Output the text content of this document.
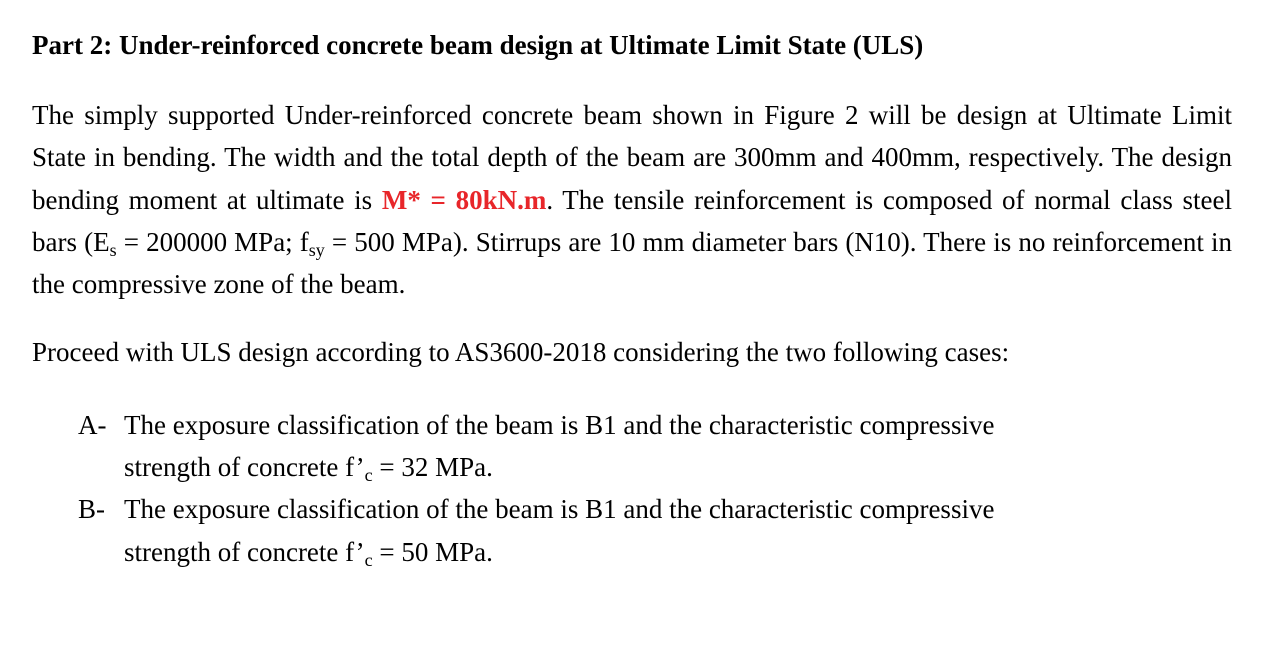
Part 2: Under-reinforced concrete beam design at Ultimate Limit State (ULS)

The simply supported Under-reinforced concrete beam shown in Figure 2 will be design at Ultimate Limit State in bending. The width and the total depth of the beam are 300mm and 400mm, respectively. The design bending moment at ultimate is M* = 80kN.m. The tensile reinforcement is composed of normal class steel bars ($E_s = 200000$ MPa; $f_{sy} = 500$ MPa). Stirrups are 10 mm diameter bars (N10). There is no reinforcement in the compressive zone of the beam.

Proceed with ULS design according to AS3600-2018 considering the two following cases:

A- The exposure classification of the beam is B1 and the characteristic compressive
strength of concrete $f’_c = 32$ MPa.
B- The exposure classification of the beam is B1 and the characteristic compressive
strength of concrete $f’_c = 50$ MPa.
